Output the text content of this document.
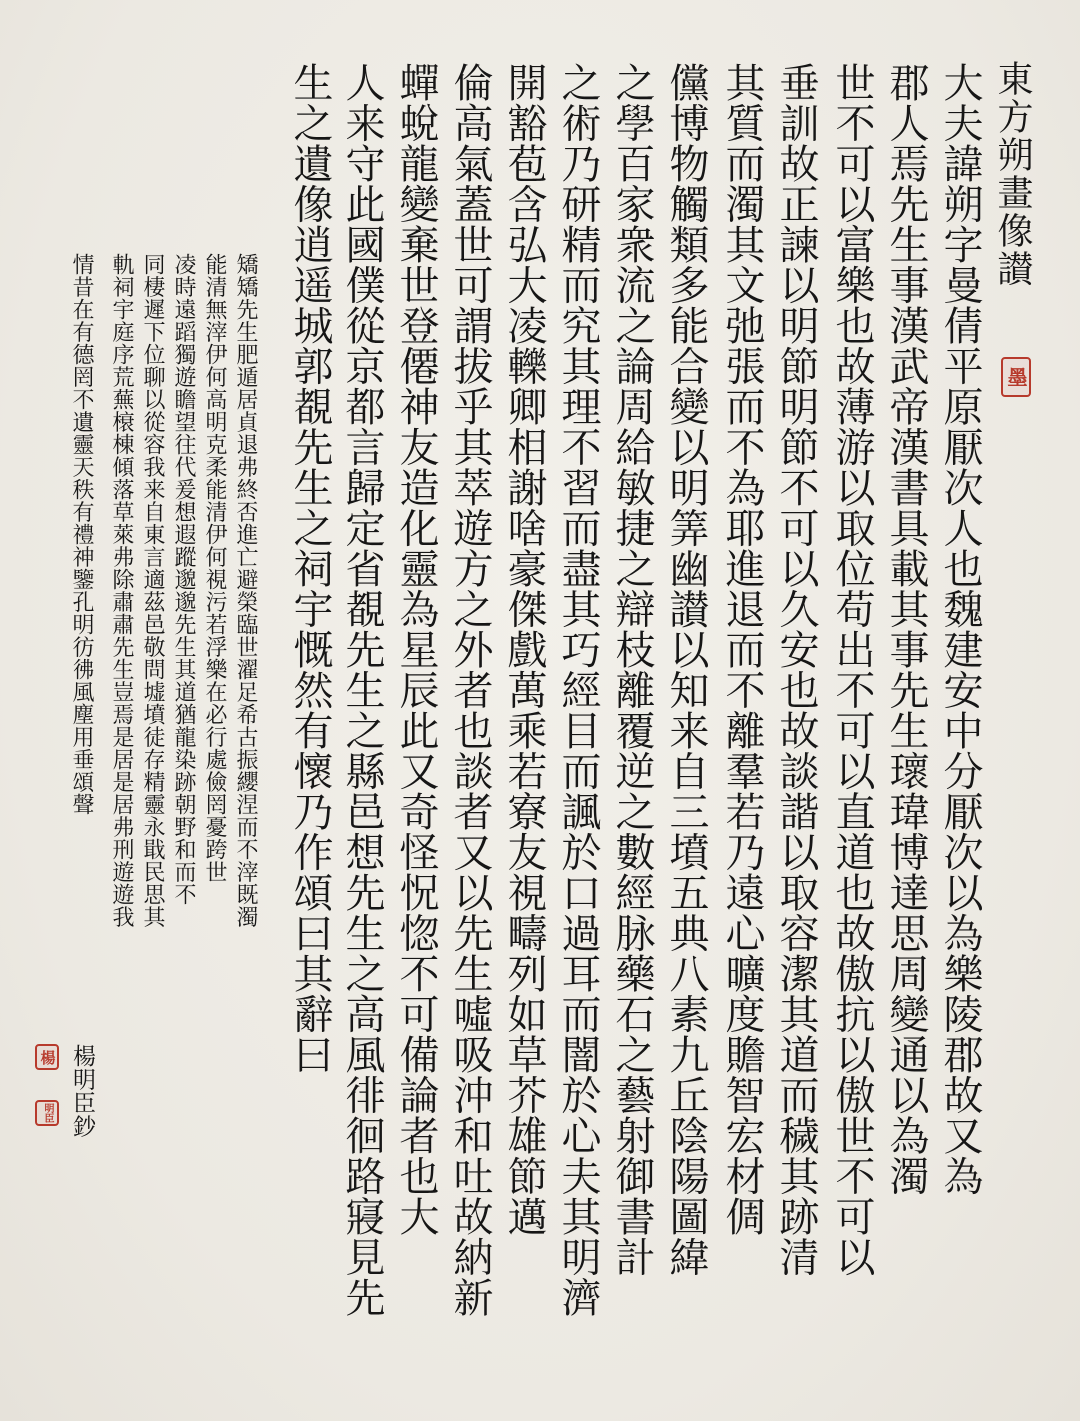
東方朔畫像讃
墨
大夫諱朔字曼倩平原厭次人也魏建安中分厭次以為樂陵郡故又為
郡人焉先生事漢武帝漢書具載其事先生瓌瑋博達思周變通以為濁
世不可以富樂也故薄游以取位苟出不可以直道也故傲抗以傲世不可以
垂訓故正諫以明節明節不可以久安也故談諧以取容潔其道而穢其跡清
其質而濁其文弛張而不為耶進退而不離羣若乃遠心曠度贍智宏材倜
儻博物觸類多能合變以明筭幽讃以知来自三墳五典八素九丘陰陽圖緯
之學百家衆流之論周給敏捷之辯枝離覆逆之數經脉藥石之藝射御書計
之術乃研精而究其理不習而盡其巧經目而諷於口過耳而闇於心夫其明濟
開豁苞含弘大凌轢卿相謝啥豪傑戲萬乘若寮友視疇列如草芥雄節邁
倫高氣蓋世可謂拔乎其萃遊方之外者也談者又以先生噓吸沖和吐故納新
蟬蛻龍變棄世登僊神友造化靈為星辰此又奇怪怳惚不可備論者也大
人来守此國僕從京都言歸定省覩先生之縣邑想先生之高風徘徊路寢見先
生之遺像逍遥城郭覩先生之祠宇慨然有懷乃作頌曰其辭曰
矯矯先生肥遁居貞退弗終否進亡避榮臨世濯足希古振纓涅而不滓既濁
能清無滓伊何高明克柔能清伊何視污若浮樂在必行處儉罔憂跨世
凌時遠蹈獨遊瞻望往代爰想遐蹤邈邈先生其道猶龍染跡朝野和而不
同棲遲下位聊以從容我来自東言適茲邑敬問墟墳徒存精靈永戢民思其
軌祠宇庭序荒蕪榱棟傾落草萊弗除肅肅先生豈焉是居是居弗刑遊遊我
情昔在有德罔不遺靈天秩有禮神鑒孔明彷彿風塵用垂頌聲
楊明臣鈔
楊
明臣
